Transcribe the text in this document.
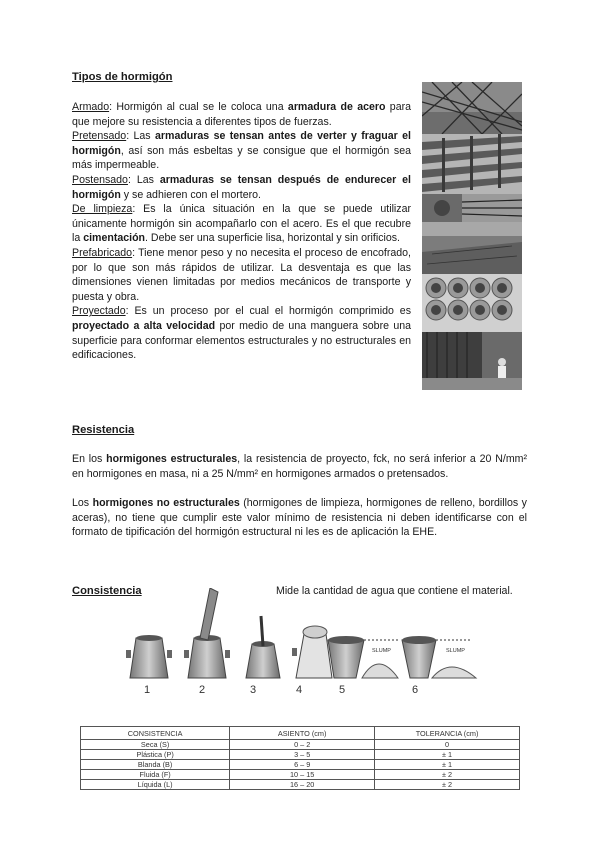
Tipos de hormigón
Armado: Hormigón al cual se le coloca una armadura de acero para que mejore su resistencia a diferentes tipos de fuerzas.
Pretensado: Las armaduras se tensan antes de verter y fraguar el hormigón, así son más esbeltas y se consigue que el hormigón sea más impermeable.
Postensado: Las armaduras se tensan después de endurecer el hormigón y se adhieren con el mortero.
De limpieza: Es la única situación en la que se puede utilizar únicamente hormigón sin acompañarlo con el acero. Es el que recubre la cimentación. Debe ser una superficie lisa, horizontal y sin orificios.
Prefabricado: Tiene menor peso y no necesita el proceso de encofrado, por lo que son más rápidos de utilizar. La desventaja es que las dimensiones vienen limitadas por medios mecánicos de transporte y puesta y obra.
Proyectado: Es un proceso por el cual el hormigón comprimido es proyectado a alta velocidad por medio de una manguera sobre una superficie para conformar elementos estructurales y no estructurales en edificaciones.
Resistencia
En los hormigones estructurales, la resistencia de proyecto, fck, no será inferior a 20 N/mm² en hormigones en masa, ni a 25 N/mm² en hormigones armados o pretensados.
Los hormigones no estructurales (hormigones de limpieza, hormigones de relleno, bordillos y aceras), no tiene que cumplir este valor mínimo de resistencia ni deben identificarse con el formato de tipificación del hormigón estructural ni les es de aplicación la EHE.
Consistencia	Mide la cantidad de agua que contiene el material.
SLUMP	SLUMP
1	2	3	4	5	6
CONSISTENCIA	ASIENTO (cm)	TOLERANCIA (cm)
Seca (S)	0 – 2	0
Plástica (P)	3 – 5	± 1
Blanda (B)	6 – 9	± 1
Fluida (F)	10 – 15	± 2
Líquida (L)	16 – 20	± 2
